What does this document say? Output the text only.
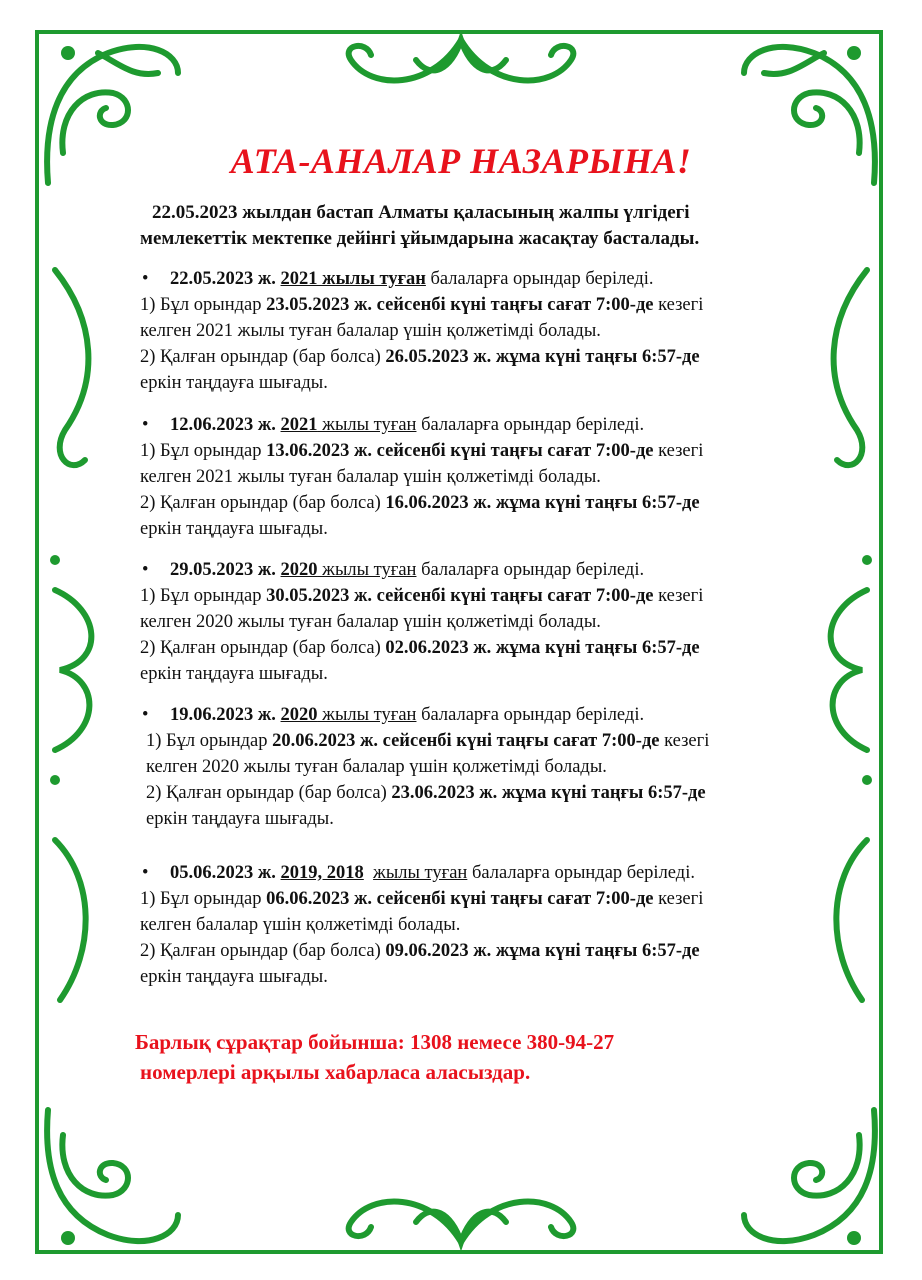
АТА-АНАЛАР НАЗАРЫНА!
22.05.2023 жылдан бастап Алматы қаласының жалпы үлгідегі
мемлекеттік мектепке дейінгі ұйымдарына жасақтау басталады.
• 22.05.2023 ж. 2021 жылы туған балаларға орындар беріледі.
1) Бұл орындар 23.05.2023 ж. сейсенбі күні таңғы сағат 7:00-де кезегі
келген 2021 жылы туған балалар үшін қолжетімді болады.
2) Қалған орындар (бар болса) 26.05.2023 ж. жұма күні таңғы 6:57-де
еркін таңдауға шығады.
• 12.06.2023 ж. 2021 жылы туған балаларға орындар беріледі.
1) Бұл орындар 13.06.2023 ж. сейсенбі күні таңғы сағат 7:00-де кезегі
келген 2021 жылы туған балалар үшін қолжетімді болады.
2) Қалған орындар (бар болса) 16.06.2023 ж. жұма күні таңғы 6:57-де
еркін таңдауға шығады.
• 29.05.2023 ж. 2020 жылы туған балаларға орындар беріледі.
1) Бұл орындар 30.05.2023 ж. сейсенбі күні таңғы сағат 7:00-де кезегі
келген 2020 жылы туған балалар үшін қолжетімді болады.
2) Қалған орындар (бар болса) 02.06.2023 ж. жұма күні таңғы 6:57-де
еркін таңдауға шығады.
• 19.06.2023 ж. 2020 жылы туған балаларға орындар беріледі.
1) Бұл орындар 20.06.2023 ж. сейсенбі күні таңғы сағат 7:00-де кезегі
келген 2020 жылы туған балалар үшін қолжетімді болады.
2) Қалған орындар (бар болса) 23.06.2023 ж. жұма күні таңғы 6:57-де
еркін таңдауға шығады.
• 05.06.2023 ж. 2019, 2018 жылы туған балаларға орындар беріледі.
1) Бұл орындар 06.06.2023 ж. сейсенбі күні таңғы сағат 7:00-де кезегі
келген балалар үшін қолжетімді болады.
2) Қалған орындар (бар болса) 09.06.2023 ж. жұма күні таңғы 6:57-де
еркін таңдауға шығады.
Барлық сұрақтар бойынша: 1308 немесе 380-94-27

номерлері арқылы хабарласа аласыздар.
